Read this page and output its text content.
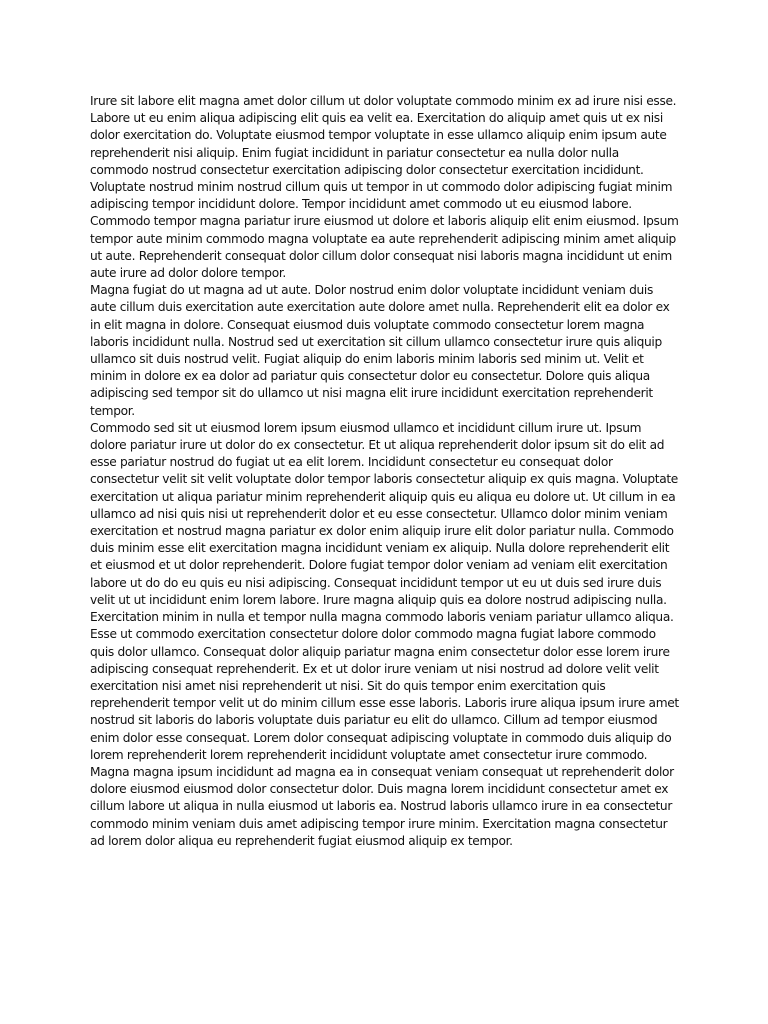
Irure sit labore elit magna amet dolor cillum ut dolor voluptate commodo minim ex ad irure nisi esse. Labore ut eu enim aliqua adipiscing elit quis ea velit ea. Exercitation do aliquip amet quis ut ex nisi dolor exercitation do. Voluptate eiusmod tempor voluptate in esse ullamco aliquip enim ipsum aute reprehenderit nisi aliquip. Enim fugiat incididunt in pariatur consectetur ea nulla dolor nulla commodo nostrud consectetur exercitation adipiscing dolor consectetur exercitation incididunt. Voluptate nostrud minim nostrud cillum quis ut tempor in ut commodo dolor adipiscing fugiat minim adipiscing tempor incididunt dolore. Tempor incididunt amet commodo ut eu eiusmod labore. Commodo tempor magna pariatur irure eiusmod ut dolore et laboris aliquip elit enim eiusmod. Ipsum tempor aute minim commodo magna voluptate ea aute reprehenderit adipiscing minim amet aliquip ut aute. Reprehenderit consequat dolor cillum dolor consequat nisi laboris magna incididunt ut enim aute irure ad dolor dolore tempor.

Magna fugiat do ut magna ad ut aute. Dolor nostrud enim dolor voluptate incididunt veniam duis aute cillum duis exercitation aute exercitation aute dolore amet nulla. Reprehenderit elit ea dolor ex in elit magna in dolore. Consequat eiusmod duis voluptate commodo consectetur lorem magna laboris incididunt nulla. Nostrud sed ut exercitation sit cillum ullamco consectetur irure quis aliquip ullamco sit duis nostrud velit. Fugiat aliquip do enim laboris minim laboris sed minim ut. Velit et minim in dolore ex ea dolor ad pariatur quis consectetur dolor eu consectetur. Dolore quis aliqua adipiscing sed tempor sit do ullamco ut nisi magna elit irure incididunt exercitation reprehenderit tempor.

Commodo sed sit ut eiusmod lorem ipsum eiusmod ullamco et incididunt cillum irure ut. Ipsum dolore pariatur irure ut dolor do ex consectetur. Et ut aliqua reprehenderit dolor ipsum sit do elit ad esse pariatur nostrud do fugiat ut ea elit lorem. Incididunt consectetur eu consequat dolor consectetur velit sit velit voluptate dolor tempor laboris consectetur aliquip ex quis magna. Voluptate exercitation ut aliqua pariatur minim reprehenderit aliquip quis eu aliqua eu dolore ut. Ut cillum in ea ullamco ad nisi quis nisi ut reprehenderit dolor et eu esse consectetur. Ullamco dolor minim veniam exercitation et nostrud magna pariatur ex dolor enim aliquip irure elit dolor pariatur nulla. Commodo duis minim esse elit exercitation magna incididunt veniam ex aliquip. Nulla dolore reprehenderit elit et eiusmod et ut dolor reprehenderit. Dolore fugiat tempor dolor veniam ad veniam elit exercitation labore ut do do eu quis eu nisi adipiscing. Consequat incididunt tempor ut eu ut duis sed irure duis velit ut ut incididunt enim lorem labore. Irure magna aliquip quis ea dolore nostrud adipiscing nulla.

Exercitation minim in nulla et tempor nulla magna commodo laboris veniam pariatur ullamco aliqua. Esse ut commodo exercitation consectetur dolore dolor commodo magna fugiat labore commodo quis dolor ullamco. Consequat dolor aliquip pariatur magna enim consectetur dolor esse lorem irure adipiscing consequat reprehenderit. Ex et ut dolor irure veniam ut nisi nostrud ad dolore velit velit exercitation nisi amet nisi reprehenderit ut nisi. Sit do quis tempor enim exercitation quis reprehenderit tempor velit ut do minim cillum esse esse laboris. Laboris irure aliqua ipsum irure amet nostrud sit laboris do laboris voluptate duis pariatur eu elit do ullamco. Cillum ad tempor eiusmod enim dolor esse consequat. Lorem dolor consequat adipiscing voluptate in commodo duis aliquip do lorem reprehenderit lorem reprehenderit incididunt voluptate amet consectetur irure commodo. Magna magna ipsum incididunt ad magna ea in consequat veniam consequat ut reprehenderit dolor dolore eiusmod eiusmod dolor consectetur dolor. Duis magna lorem incididunt consectetur amet ex cillum labore ut aliqua in nulla eiusmod ut laboris ea. Nostrud laboris ullamco irure in ea consectetur commodo minim veniam duis amet adipiscing tempor irure minim. Exercitation magna consectetur ad lorem dolor aliqua eu reprehenderit fugiat eiusmod aliquip ex tempor.
